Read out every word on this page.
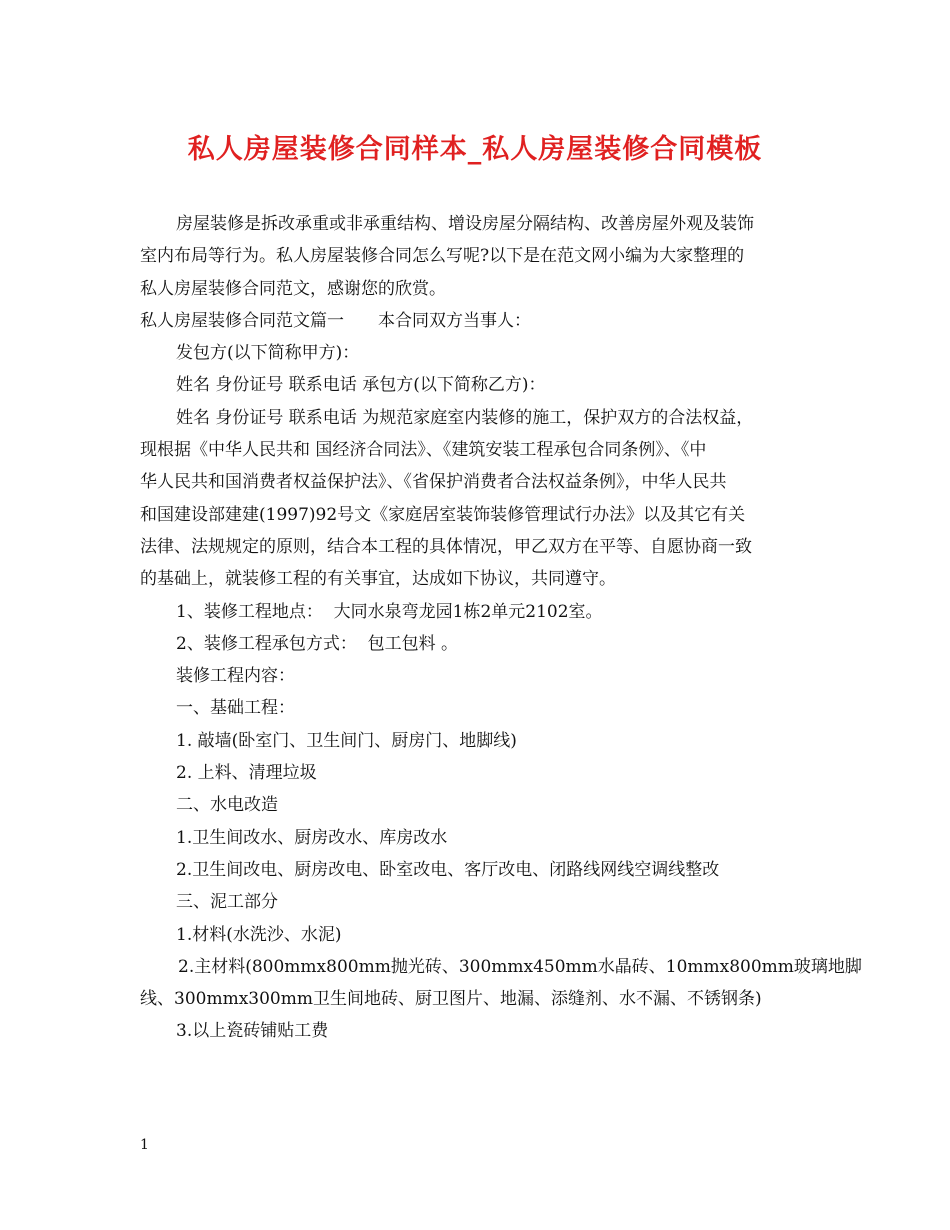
私人房屋装修合同样本_私人房屋装修合同模板
房屋装修是拆改承重或非承重结构、增设房屋分隔结构、改善房屋外观及装饰
室内布局等行为。私人房屋装修合同怎么写呢?以下是在范文网小编为大家整理的
私人房屋装修合同范文，感谢您的欣赏。
私人房屋装修合同范文篇一　　本合同双方当事人：
发包方(以下简称甲方)：
姓名 身份证号 联系电话 承包方(以下简称乙方)：
姓名 身份证号 联系电话 为规范家庭室内装修的施工，保护双方的合法权益，
现根据《中华人民共和 国经济合同法》、《建筑安装工程承包合同条例》、《中
华人民共和国消费者权益保护法》、《省保护消费者合法权益条例》，中华人民共
和国建设部建建(1997)92号文《家庭居室装饰装修管理试行办法》以及其它有关
法律、法规规定的原则，结合本工程的具体情况，甲乙双方在平等、自愿协商一致
的基础上，就装修工程的有关事宜，达成如下协议，共同遵守。
1、装修工程地点：  大同水泉弯龙园1栋2单元2102室。
2、装修工程承包方式：  包工包料 。
装修工程内容：
一、基础工程：
1. 敲墙(卧室门、卫生间门、厨房门、地脚线)
2. 上料、清理垃圾
二、水电改造
1.卫生间改水、厨房改水、库房改水
2.卫生间改电、厨房改电、卧室改电、客厅改电、闭路线网线空调线整改
三、泥工部分
1.材料(水洗沙、水泥)
2.主材料(800mmx800mm抛光砖、300mmx450mm水晶砖、10mmx800mm玻璃地脚
线、300mmx300mm卫生间地砖、厨卫图片、地漏、添缝剂、水不漏、不锈钢条)
3.以上瓷砖铺贴工费
1
